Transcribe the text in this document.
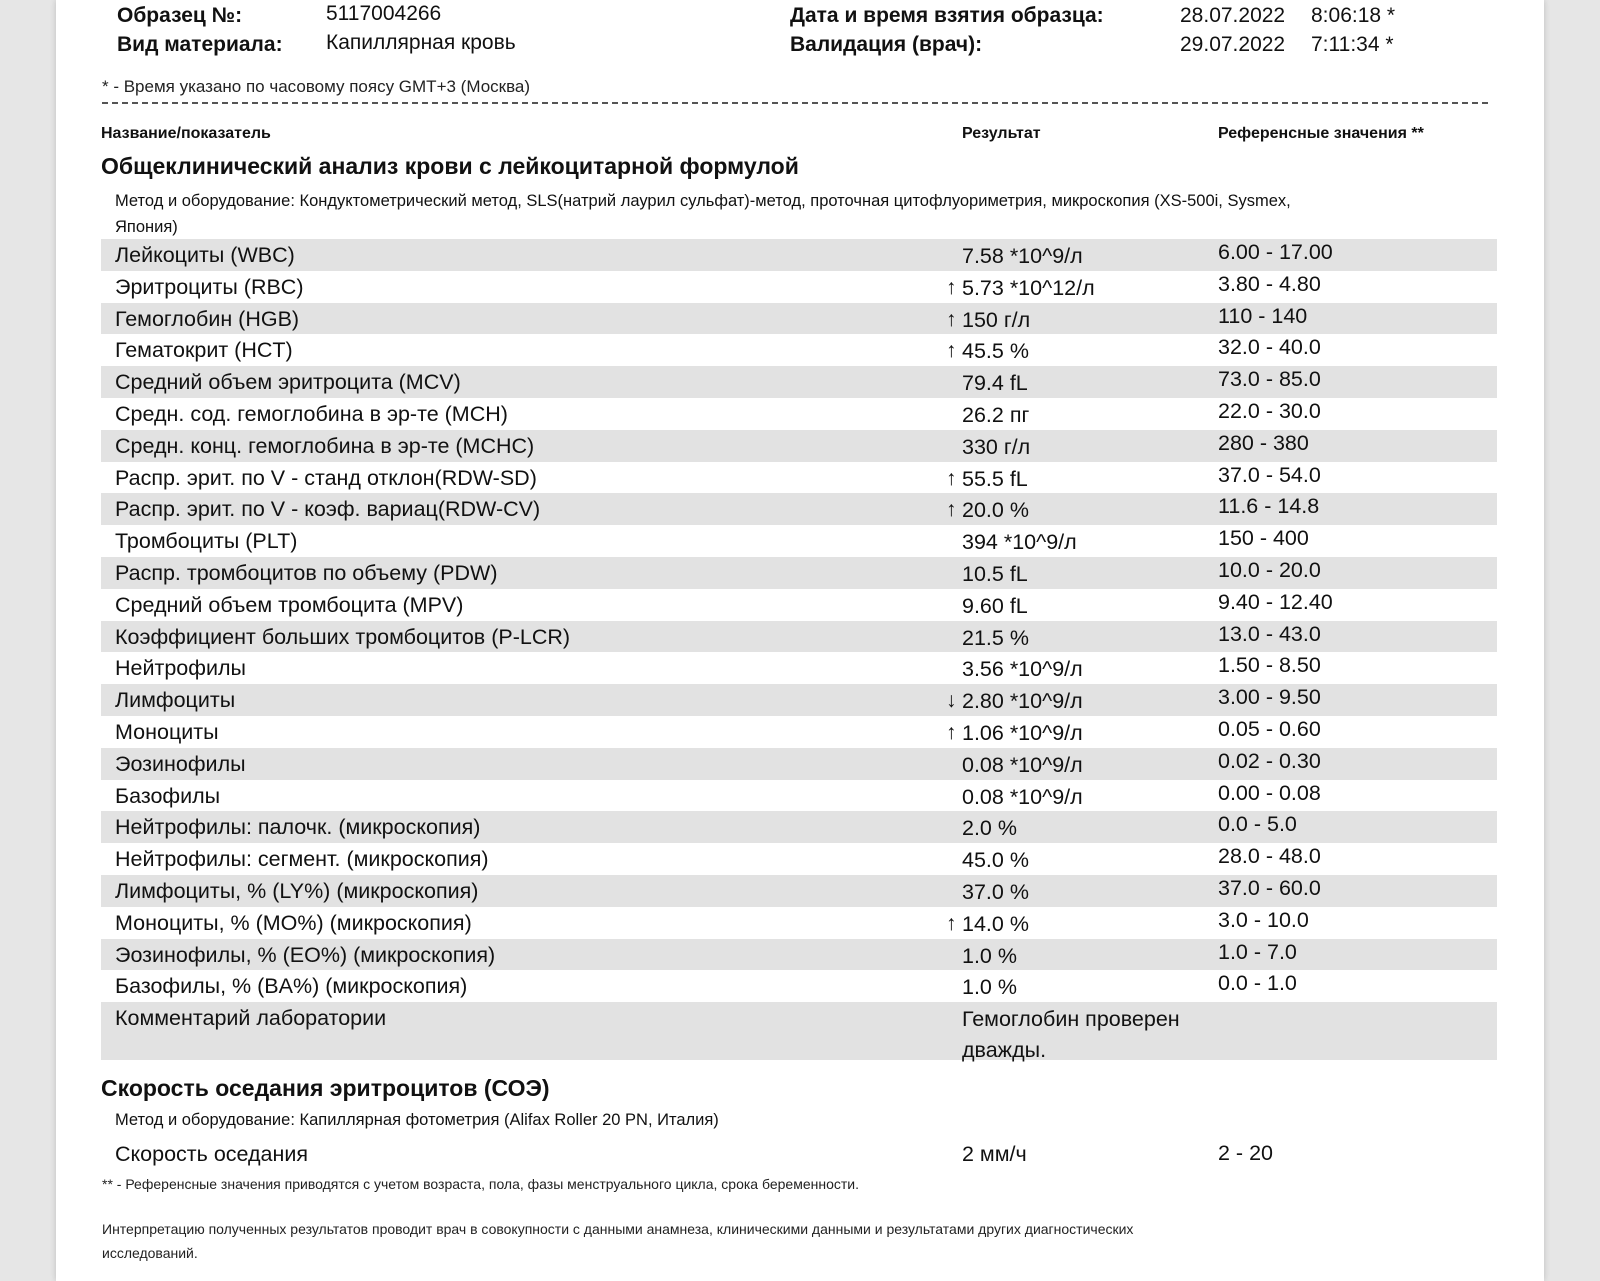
Образец №:	5117004266
Вид материала: Капиллярная кровь
Дата и время взятия образца:	28.07.2022 8:06:18 *
Валидация (врач):	29.07.2022 7:11:34 *
* - Время указано по часовому поясу GMT+3 (Москва)
Название/показатель	Результат	Референсные значения **
Общеклинический анализ крови с лейкоцитарной формулой
Метод и оборудование: Кондуктометрический метод, SLS(натрий лаурил сульфат)-метод, проточная цитофлуориметрия, микроскопия (XS-500i, Sysmex, Япония)
Лейкоциты (WBC)	7.58 *10^9/л	6.00 - 17.00
Эритроциты (RBC)	↑ 5.73 *10^12/л	3.80 - 4.80
Гемоглобин (HGB)	↑ 150 г/л	110 - 140
Гематокрит (HCT)	↑ 45.5 %	32.0 - 40.0
Средний объем эритроцита (MCV)	79.4 fL	73.0 - 85.0
Средн. сод. гемоглобина в эр-те (MCH)	26.2 пг	22.0 - 30.0
Средн. конц. гемоглобина в эр-те (MCHC)	330 г/л	280 - 380
Распр. эрит. по V - станд отклон(RDW-SD)	↑ 55.5 fL	37.0 - 54.0
Распр. эрит. по V - коэф. вариац(RDW-CV)	↑ 20.0 %	11.6 - 14.8
Тромбоциты (PLT)	394 *10^9/л	150 - 400
Распр. тромбоцитов по объему (PDW)	10.5 fL	10.0 - 20.0
Средний объем тромбоцита (MPV)	9.60 fL	9.40 - 12.40
Коэффициент больших тромбоцитов (P-LCR)	21.5 %	13.0 - 43.0
Нейтрофилы	3.56 *10^9/л	1.50 - 8.50
Лимфоциты	↓ 2.80 *10^9/л	3.00 - 9.50
Моноциты	↑ 1.06 *10^9/л	0.05 - 0.60
Эозинофилы	0.08 *10^9/л	0.02 - 0.30
Базофилы	0.08 *10^9/л	0.00 - 0.08
Нейтрофилы: палочк. (микроскопия)	2.0 %	0.0 - 5.0
Нейтрофилы: сегмент. (микроскопия)	45.0 %	28.0 - 48.0
Лимфоциты, % (LY%) (микроскопия)	37.0 %	37.0 - 60.0
Моноциты, % (MO%) (микроскопия)	↑ 14.0 %	3.0 - 10.0
Эозинофилы, % (EO%) (микроскопия)	1.0 %	1.0 - 7.0
Базофилы, % (BA%) (микроскопия)	1.0 %	0.0 - 1.0
Комментарий лаборатории	Гемоглобин проверен дважды.
Скорость оседания эритроцитов (СОЭ)
Метод и оборудование: Капиллярная фотометрия (Alifax Roller 20 PN, Италия)
Скорость оседания	2 мм/ч	2 - 20
** - Референсные значения приводятся с учетом возраста, пола, фазы менструального цикла, срока беременности.
Интерпретацию полученных результатов проводит врач в совокупности с данными анамнеза, клиническими данными и результатами других диагностических исследований.
